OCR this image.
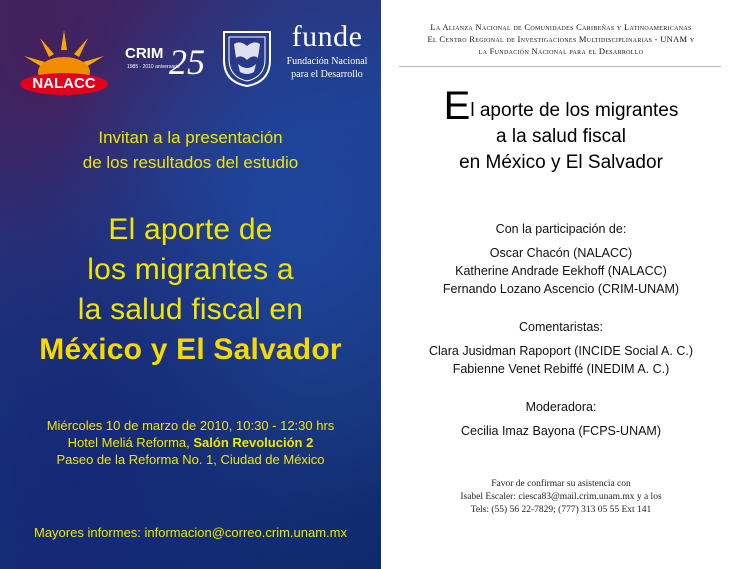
NALACC
CRIM 25
1985 - 2010 aniversario
funde
Fundación Nacional
para el Desarrollo
Invitan a la presentación
de los resultados del estudio
El aporte de
los migrantes a
la salud fiscal en
México y El Salvador
Miércoles 10 de marzo de 2010, 10:30 - 12:30 hrs
Hotel Meliá Reforma, Salón Revolución 2
Paseo de la Reforma No. 1, Ciudad de México
Mayores informes: informacion@correo.crim.unam.mx
La Alianza Nacional de Comunidades Caribeñas y Latinoamericanas
El Centro Regional de Investigaciones Multidisciplinarias - UNAM y
la Fundación Nacional para el Desarrollo
El aporte de los migrantes
a la salud fiscal
en México y El Salvador
Con la participación de:
Oscar Chacón (NALACC)
Katherine Andrade Eekhoff (NALACC)
Fernando Lozano Ascencio (CRIM-UNAM)
Comentaristas:
Clara Jusidman Rapoport (INCIDE Social A. C.)
Fabienne Venet Rebiffé (INEDIM A. C.)
Moderadora:
Cecilia Imaz Bayona (FCPS-UNAM)
Favor de confirmar su asistencia con
Isabel Escaler: ciesca83@mail.crim.unam.mx y a los
Tels: (55) 56 22-7829; (777) 313 05 55 Ext 141
